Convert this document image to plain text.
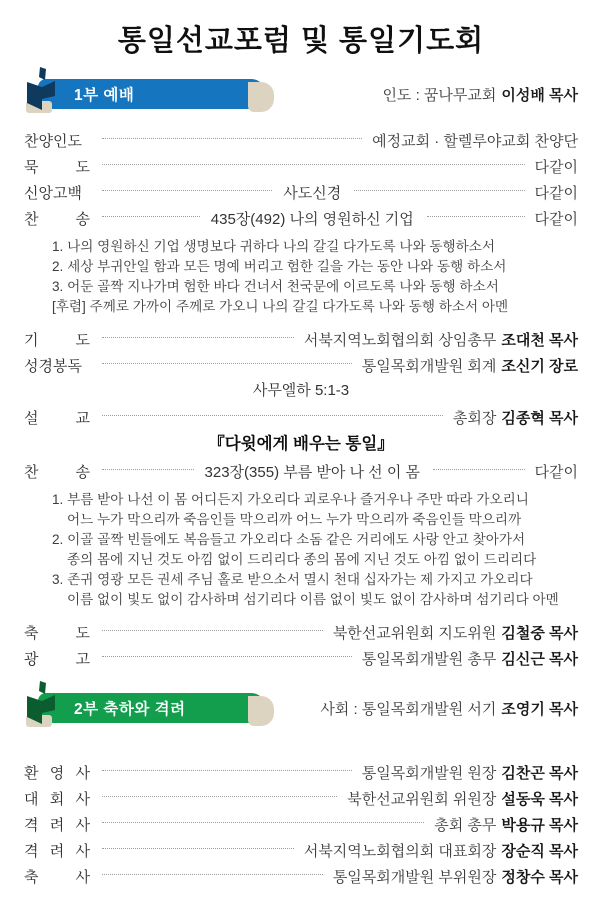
통일선교포럼 및 통일기도회
1부 예배	인도 : 꿈나무교회 이성배 목사
찬양인도	예정교회 · 할렐루야교회 찬양단
묵 도	다같이
신앙고백	사도신경	다같이
찬 송	435장(492) 나의 영원하신 기업	다같이

1. 나의 영원하신 기업 생명보다 귀하다 나의 갈길 다가도록 나와 동행하소서

2. 세상 부귀안일 함과 모든 명예 버리고 험한 길을 가는 동안 나와 동행 하소서

3. 어둔 골짝 지나가며 험한 바다 건너서 천국문에 이르도록 나와 동행 하소서

[후렴] 주께로 가까이 주께로 가오니 나의 갈길 다가도록 나와 동행 하소서 아멘

기 도	서북지역노회협의회 상임총무 조대천 목사
성경봉독	통일목회개발원 회계 조신기 장로
사무엘하 5:1-3
설 교	총회장 김종혁 목사
『다윗에게 배우는 통일』
찬 송	323장(355) 부름 받아 나 선 이 몸	다같이

1. 부름 받아 나선 이 몸 어디든지 가오리다 괴로우나 즐거우나 주만 따라 가오리니

어느 누가 막으리까 죽음인들 막으리까 어느 누가 막으리까 죽음인들 막으리까

2. 이골 골짝 빈들에도 복음들고 가오리다 소돔 같은 거리에도 사랑 안고 찾아가서

종의 몸에 지닌 것도 아낌 없이 드리리다 종의 몸에 지닌 것도 아낌 없이 드리리다

3. 존귀 영광 모든 권세 주님 홀로 받으소서 멸시 천대 십자가는 제 가지고 가오리다

이름 없이 빛도 없이 감사하며 섬기리다 이름 없이 빛도 없이 감사하며 섬기리다 아멘

축 도	북한선교위원회 지도위원 김철중 목사
광 고	통일목회개발원 총무 김신근 목사
2부 축하와 격려	사회 : 통일목회개발원 서기 조영기 목사
환 영 사	통일목회개발원 원장 김찬곤 목사
대 회 사	북한선교위원회 위원장 설동욱 목사
격 려 사	총회 총무 박용규 목사
격 려 사	서북지역노회협의회 대표회장 장순직 목사
축 사	통일목회개발원 부위원장 정창수 목사
